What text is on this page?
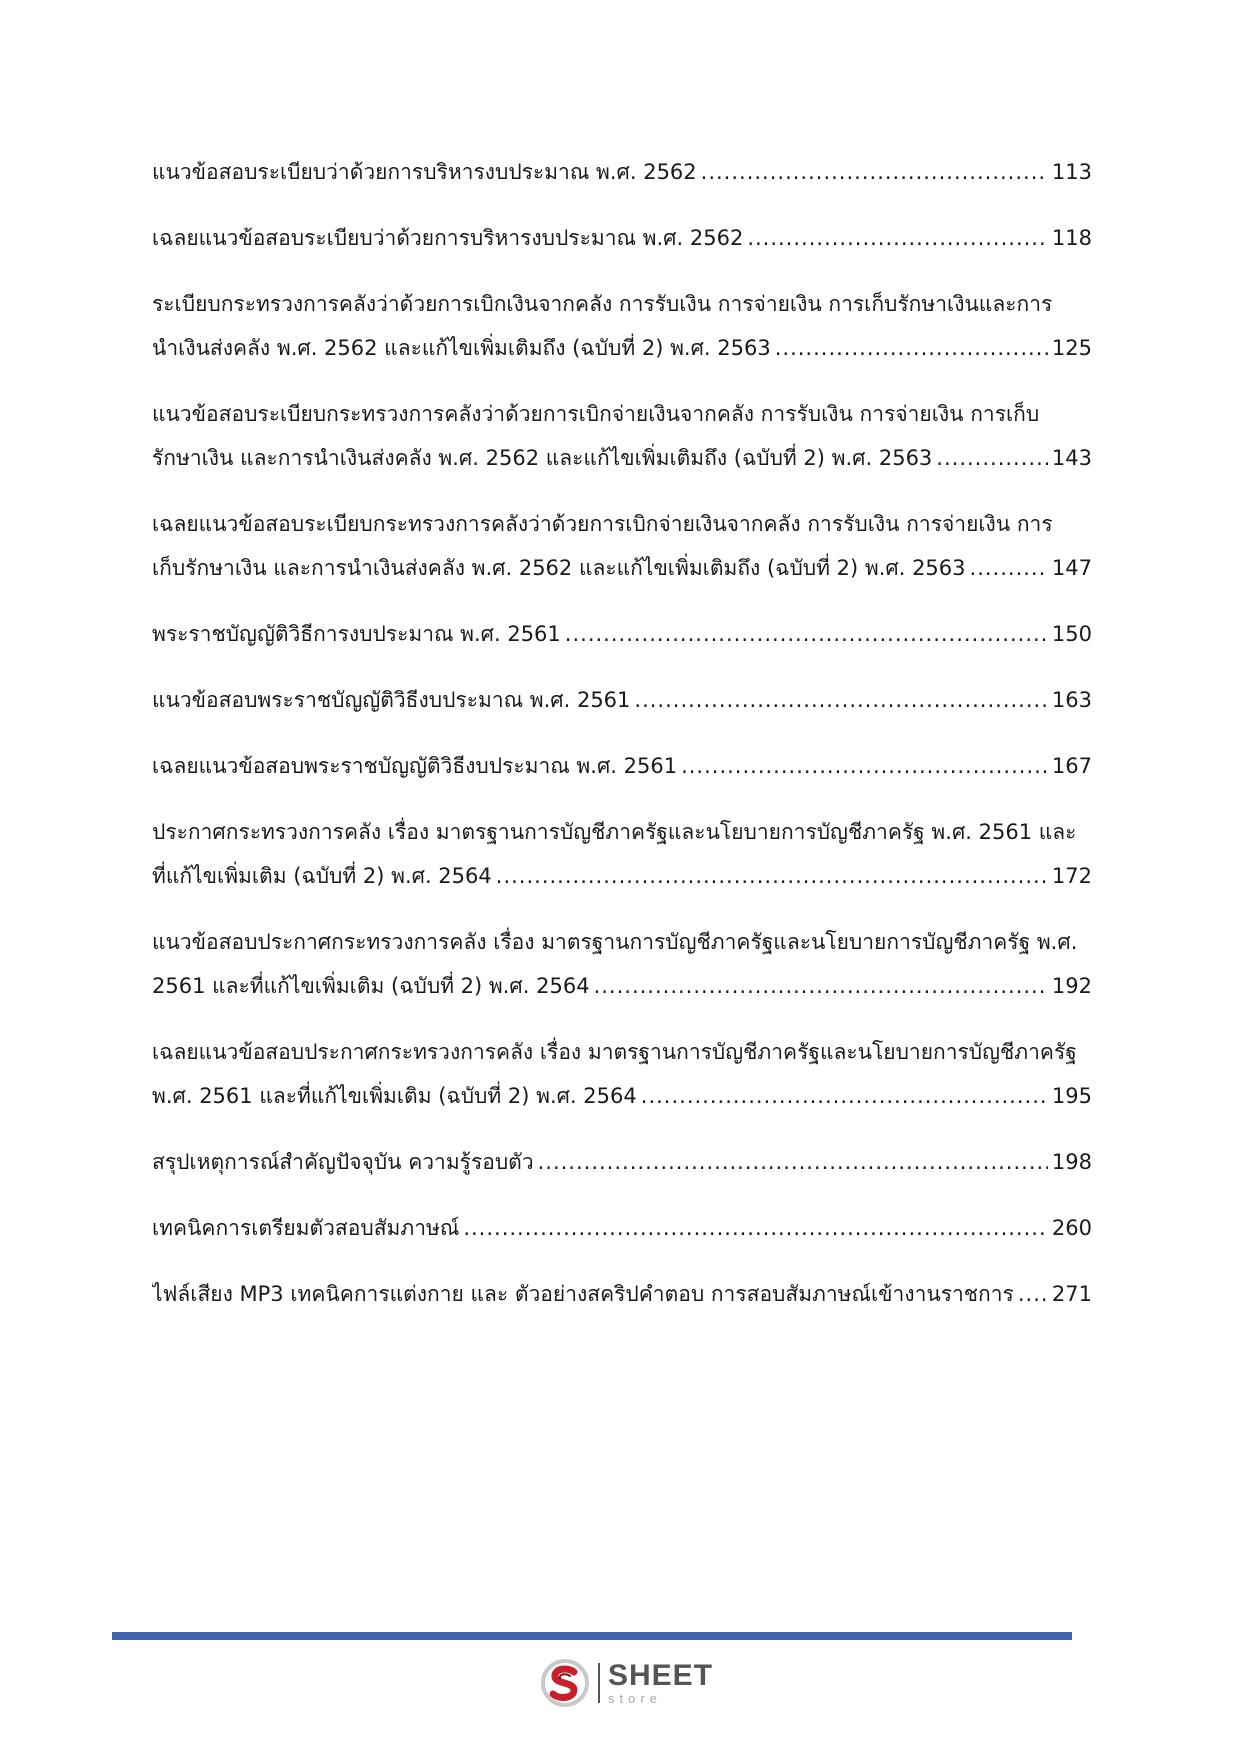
แนวข้อสอบระเบียบว่าด้วยการบริหารงบประมาณ พ.ศ. 2562 .....	113
เฉลยแนวข้อสอบระเบียบว่าด้วยการบริหารงบประมาณ พ.ศ. 2562 .....	118
ระเบียบกระทรวงการคลังว่าด้วยการเบิกเงินจากคลัง การรับเงิน การจ่ายเงิน การเก็บรักษาเงินและการ
นำเงินส่งคลัง พ.ศ. 2562 และแก้ไขเพิ่มเติมถึง (ฉบับที่ 2) พ.ศ. 2563 .....	125
แนวข้อสอบระเบียบกระทรวงการคลังว่าด้วยการเบิกจ่ายเงินจากคลัง การรับเงิน การจ่ายเงิน การเก็บ
รักษาเงิน และการนำเงินส่งคลัง พ.ศ. 2562 และแก้ไขเพิ่มเติมถึง (ฉบับที่ 2) พ.ศ. 2563 .....	143
เฉลยแนวข้อสอบระเบียบกระทรวงการคลังว่าด้วยการเบิกจ่ายเงินจากคลัง การรับเงิน การจ่ายเงิน การ
เก็บรักษาเงิน และการนำเงินส่งคลัง พ.ศ. 2562 และแก้ไขเพิ่มเติมถึง (ฉบับที่ 2) พ.ศ. 2563 .....	147
พระราชบัญญัติวิธีการงบประมาณ พ.ศ. 2561 .....	150
แนวข้อสอบพระราชบัญญัติวิธีงบประมาณ พ.ศ. 2561 .....	163
เฉลยแนวข้อสอบพระราชบัญญัติวิธีงบประมาณ พ.ศ. 2561 .....	167
ประกาศกระทรวงการคลัง เรื่อง มาตรฐานการบัญชีภาครัฐและนโยบายการบัญชีภาครัฐ พ.ศ. 2561 และ
ที่แก้ไขเพิ่มเติม (ฉบับที่ 2) พ.ศ. 2564 .....	172
แนวข้อสอบประกาศกระทรวงการคลัง เรื่อง มาตรฐานการบัญชีภาครัฐและนโยบายการบัญชีภาครัฐ พ.ศ.
2561 และที่แก้ไขเพิ่มเติม (ฉบับที่ 2) พ.ศ. 2564 .....	192
เฉลยแนวข้อสอบประกาศกระทรวงการคลัง เรื่อง มาตรฐานการบัญชีภาครัฐและนโยบายการบัญชีภาครัฐ
พ.ศ. 2561 และที่แก้ไขเพิ่มเติม (ฉบับที่ 2) พ.ศ. 2564 .....	195
สรุปเหตุการณ์สำคัญปัจจุบัน ความรู้รอบตัว .....	198
เทคนิคการเตรียมตัวสอบสัมภาษณ์ .....	260
ไฟล์เสียง MP3 เทคนิคการแต่งกาย และ ตัวอย่างสคริปคำตอบ การสอบสัมภาษณ์เข้างานราชการ ..... 271
SHEET
store
